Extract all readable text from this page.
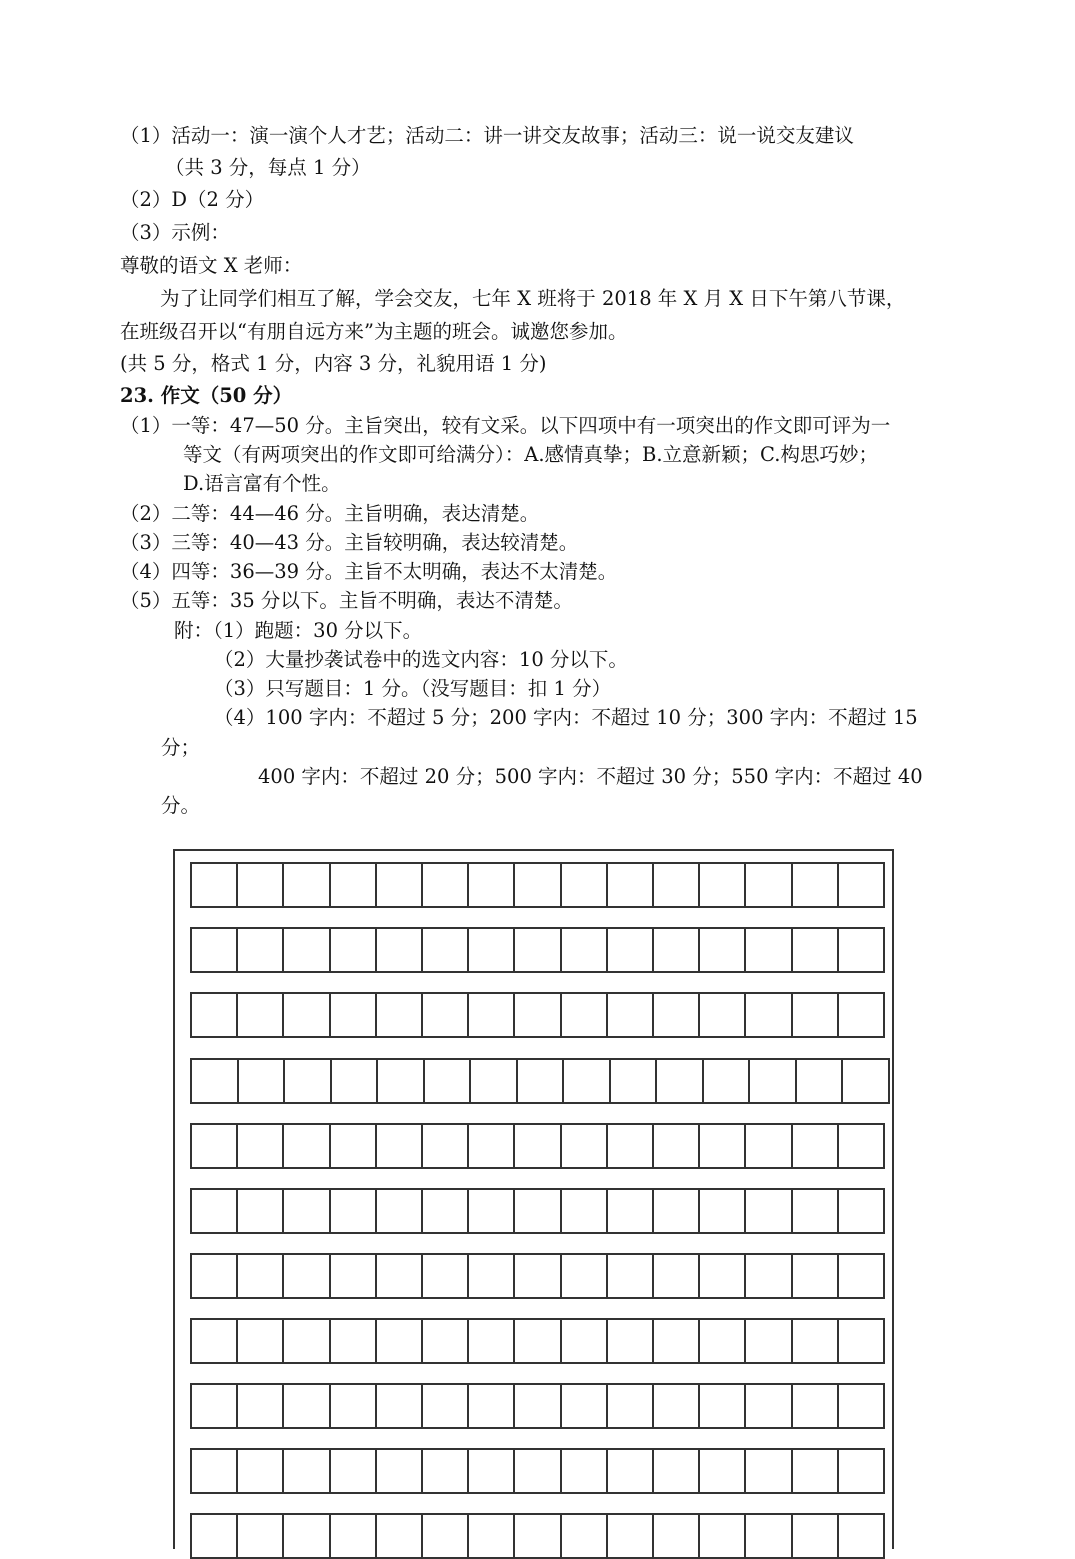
（1）活动一：演一演个人才艺；活动二：讲一讲交友故事；活动三：说一说交友建议
（共 3 分，每点 1 分）
（2）D（2 分）
（3）示例：
尊敬的语文 X 老师：
为了让同学们相互了解，学会交友，七年 X 班将于 2018 年 X 月 X 日下午第八节课，
在班级召开以“有朋自远方来”为主题的班会。诚邀您参加。
(共 5 分，格式 1 分，内容 3 分，礼貌用语 1 分)
23. 作文（50 分）
（1）一等：47—50 分。主旨突出，较有文采。以下四项中有一项突出的作文即可评为一
等文（有两项突出的作文即可给满分）：A.感情真挚；B.立意新颖；C.构思巧妙；
D.语言富有个性。
（2）二等：44—46 分。主旨明确，表达清楚。
（3）三等：40—43 分。主旨较明确，表达较清楚。
（4）四等：36—39 分。主旨不太明确，表达不太清楚。
（5）五等：35 分以下。主旨不明确，表达不清楚。
附：（1）跑题：30 分以下。
（2）大量抄袭试卷中的选文内容：10 分以下。
（3）只写题目：1 分。（没写题目：扣 1 分）
（4）100 字内：不超过 5 分；200 字内：不超过 10 分；300 字内：不超过 15
分；
400 字内：不超过 20 分；500 字内：不超过 30 分；550 字内：不超过 40
分。
